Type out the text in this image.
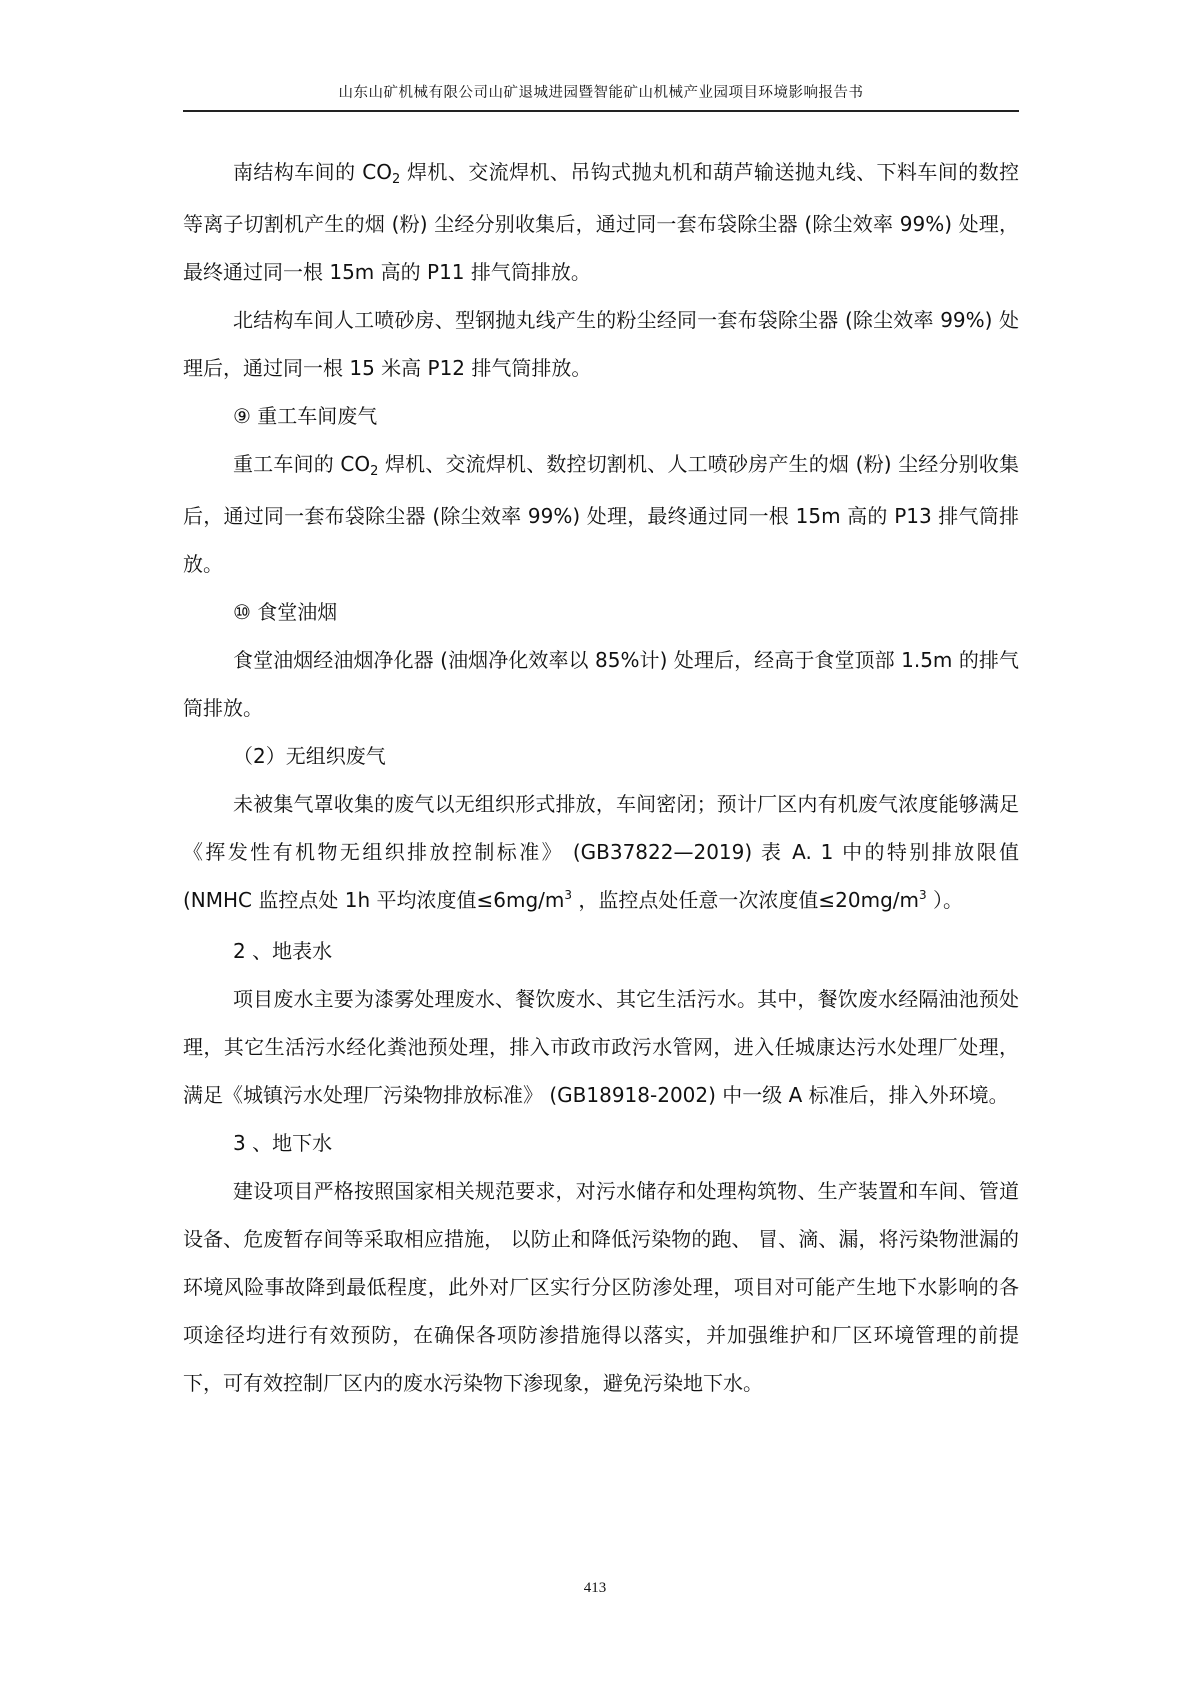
山东山矿机械有限公司山矿退城进园暨智能矿山机械产业园项目环境影响报告书

南结构车间的 $CO_2$ 焊机、交流焊机、吊钩式抛丸机和葫芦输送抛丸线、下料车间的数控等离子切割机产生的烟 (粉) 尘经分别收集后，通过同一套布袋除尘器 (除尘效率 99%) 处理，最终通过同一根 15m 高的 P11 排气筒排放。

北结构车间人工喷砂房、型钢抛丸线产生的粉尘经同一套布袋除尘器 (除尘效率 99%) 处理后，通过同一根 15 米高 P12 排气筒排放。

⑨ 重工车间废气

重工车间的 $CO_2$ 焊机、交流焊机、数控切割机、人工喷砂房产生的烟 (粉) 尘经分别收集后，通过同一套布袋除尘器 (除尘效率 99%) 处理，最终通过同一根 15m 高的 P13 排气筒排放。

⑩ 食堂油烟

食堂油烟经油烟净化器 (油烟净化效率以 85%计) 处理后，经高于食堂顶部 1.5m 的排气筒排放。

（2）无组织废气

未被集气罩收集的废气以无组织形式排放，车间密闭；预计厂区内有机废气浓度能够满足《挥发性有机物无组织排放控制标准》 (GB37822—2019) 表 A. 1 中的特别排放限值 (NMHC 监控点处 1h 平均浓度值$\le 6mg/m^3$ ，监控点处任意一次浓度值$\le 20mg/m^3$ ）。

2 、地表水

项目废水主要为漆雾处理废水、餐饮废水、其它生活污水。其中，餐饮废水经隔油池预处理，其它生活污水经化粪池预处理，排入市政市政污水管网，进入任城康达污水处理厂处理，满足《城镇污水处理厂污染物排放标准》 (GB18918-2002) 中一级 A 标准后，排入外环境。

3 、地下水

建设项目严格按照国家相关规范要求，对污水储存和处理构筑物、生产装置和车间、管道设备、危废暂存间等采取相应措施， 以防止和降低污染物的跑、 冒、滴、漏，将污染物泄漏的环境风险事故降到最低程度，此外对厂区实行分区防渗处理，项目对可能产生地下水影响的各项途径均进行有效预防，在确保各项防渗措施得以落实，并加强维护和厂区环境管理的前提下，可有效控制厂区内的废水污染物下渗现象，避免污染地下水。

413
